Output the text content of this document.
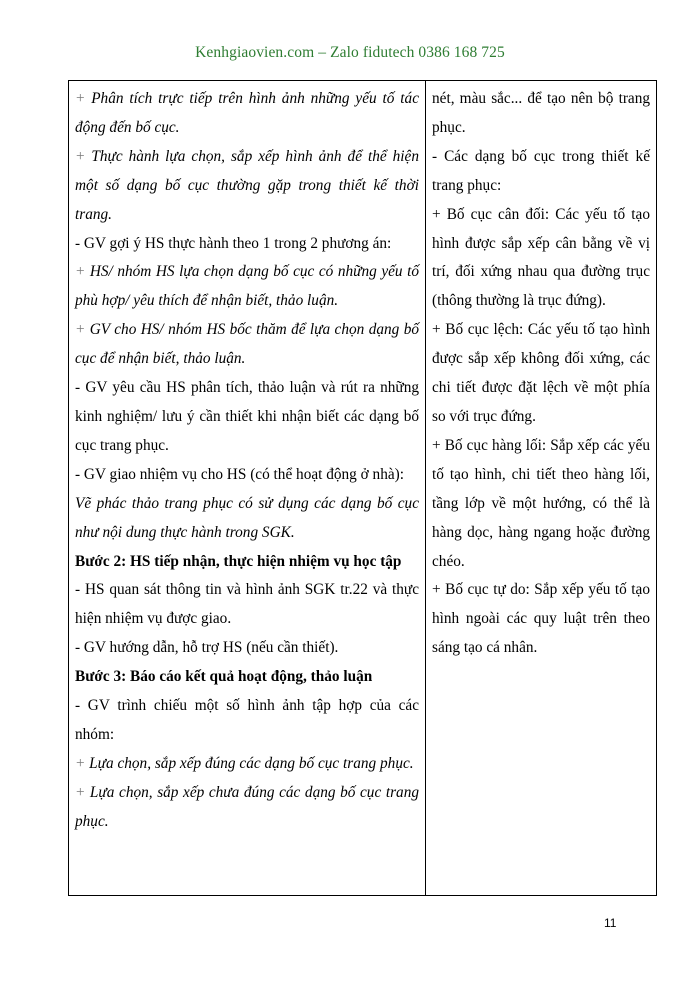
Kenhgiaovien.com – Zalo fidutech 0386 168 725

+ Phân tích trực tiếp trên hình ảnh những yếu tố tác động đến bố cục.

+ Thực hành lựa chọn, sắp xếp hình ảnh để thể hiện một số dạng bố cục thường gặp trong thiết kế thời trang.

- GV gợi ý HS thực hành theo 1 trong 2 phương án:

+ HS/ nhóm HS lựa chọn dạng bố cục có những yếu tố phù hợp/ yêu thích để nhận biết, thảo luận.

+ GV cho HS/ nhóm HS bốc thăm để lựa chọn dạng bố cục để nhận biết, thảo luận.

- GV yêu cầu HS phân tích, thảo luận và rút ra những kinh nghiệm/ lưu ý cần thiết khi nhận biết các dạng bố cục trang phục.

- GV giao nhiệm vụ cho HS (có thể hoạt động ở nhà):

Vẽ phác thảo trang phục có sử dụng các dạng bố cục như nội dung thực hành trong SGK.

Bước 2: HS tiếp nhận, thực hiện nhiệm vụ học tập

- HS quan sát thông tin và hình ảnh SGK tr.22 và thực hiện nhiệm vụ được giao.

- GV hướng dẫn, hỗ trợ HS (nếu cần thiết).

Bước 3: Báo cáo kết quả hoạt động, thảo luận

- GV trình chiếu một số hình ảnh tập hợp của các nhóm:

+ Lựa chọn, sắp xếp đúng các dạng bố cục trang phục.

+ Lựa chọn, sắp xếp chưa đúng các dạng bố cục trang phục.

nét, màu sắc... để tạo nên bộ trang phục.

- Các dạng bố cục trong thiết kế trang phục:

+ Bố cục cân đối: Các yếu tố tạo hình được sắp xếp cân bằng về vị trí, đối xứng nhau qua đường trục (thông thường là trục đứng).

+ Bố cục lệch: Các yếu tố tạo hình được sắp xếp không đối xứng, các chi tiết được đặt lệch về một phía so với trục đứng.

+ Bố cục hàng lối: Sắp xếp các yếu tố tạo hình, chi tiết theo hàng lối, tầng lớp về một hướng, có thể là hàng dọc, hàng ngang hoặc đường chéo.

+ Bố cục tự do: Sắp xếp yếu tố tạo hình ngoài các quy luật trên theo sáng tạo cá nhân.

11
